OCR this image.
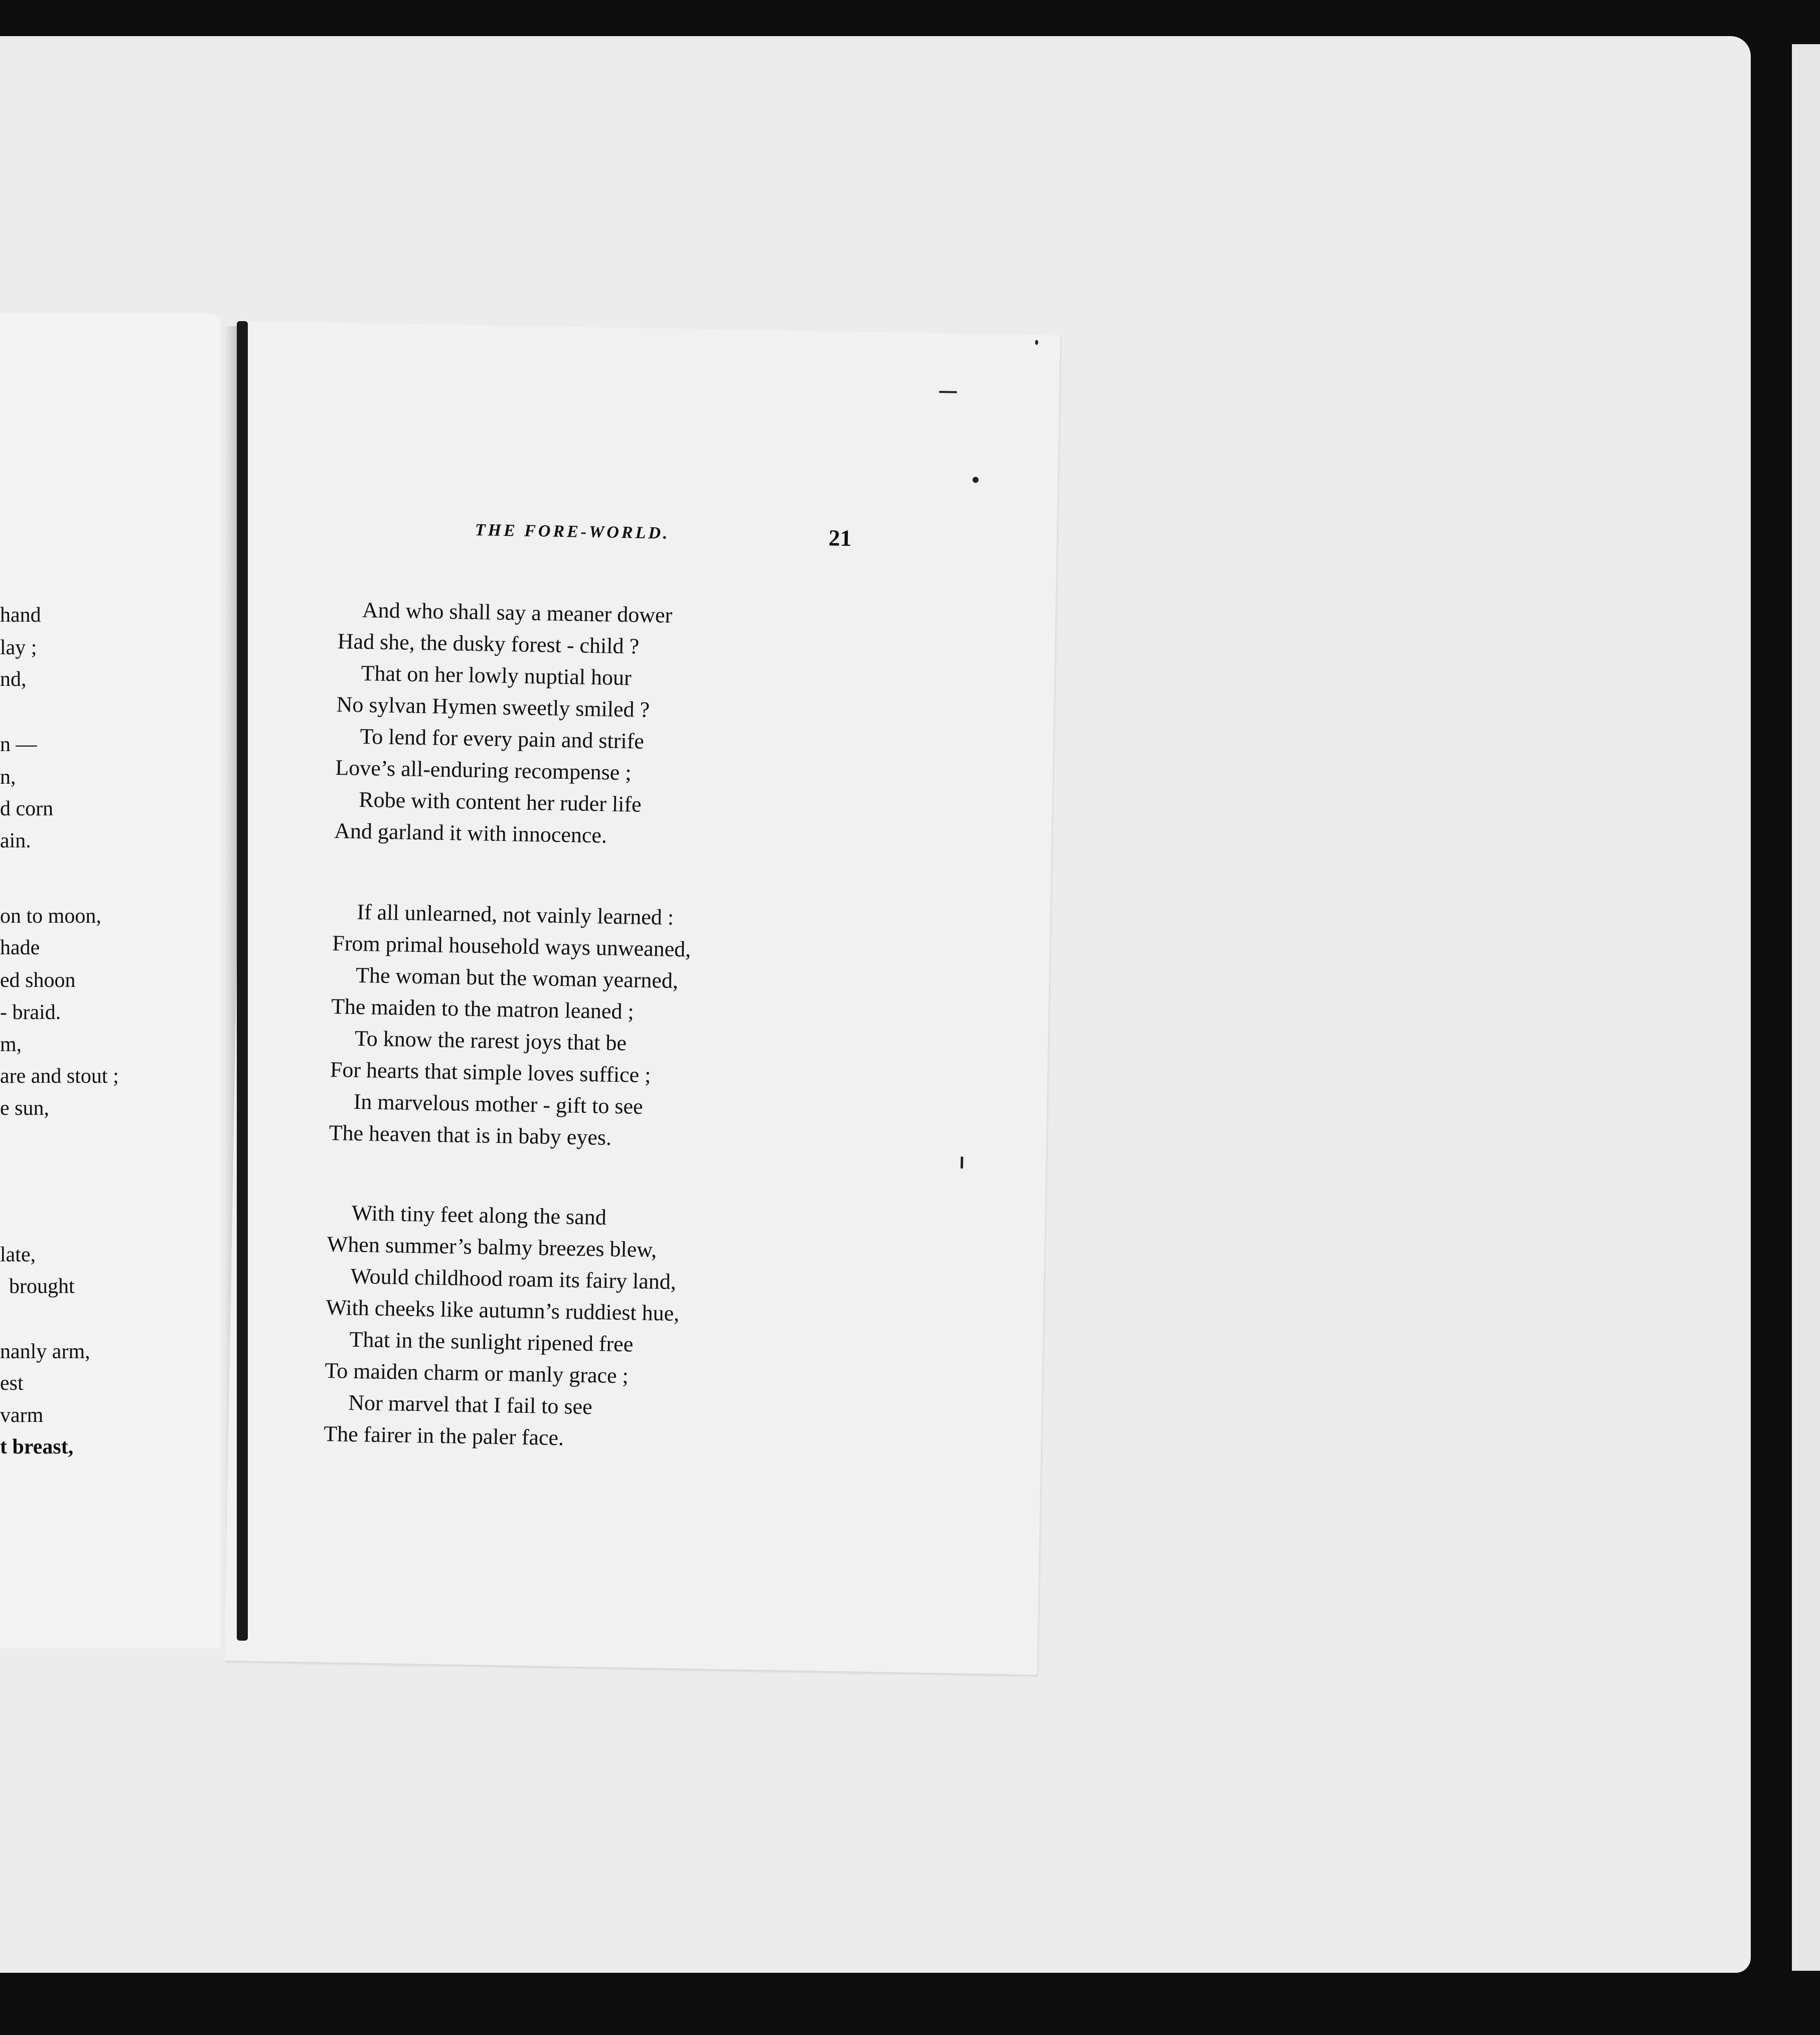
hand
lay ;
nd,
n —
n,
d corn
ain.
on to moon,
hade
ed shoon
- braid.
m,
are and stout ;
e sun,
late,
brought
nanly arm,
est
varm
t breast,
THE FORE-WORLD.	21
And who shall say a meaner dower
Had she, the dusky forest - child ?
That on her lowly nuptial hour
No sylvan Hymen sweetly smiled ?
To lend for every pain and strife
Love’s all-enduring recompense ;
Robe with content her ruder life
And garland it with innocence.
If all unlearned, not vainly learned :
From primal household ways unweaned,
The woman but the woman yearned,
The maiden to the matron leaned ;
To know the rarest joys that be
For hearts that simple loves suffice ;
In marvelous mother - gift to see
The heaven that is in baby eyes.
With tiny feet along the sand
When summer’s balmy breezes blew,
Would childhood roam its fairy land,
With cheeks like autumn’s ruddiest hue,
That in the sunlight ripened free
To maiden charm or manly grace ;
Nor marvel that I fail to see
The fairer in the paler face.
